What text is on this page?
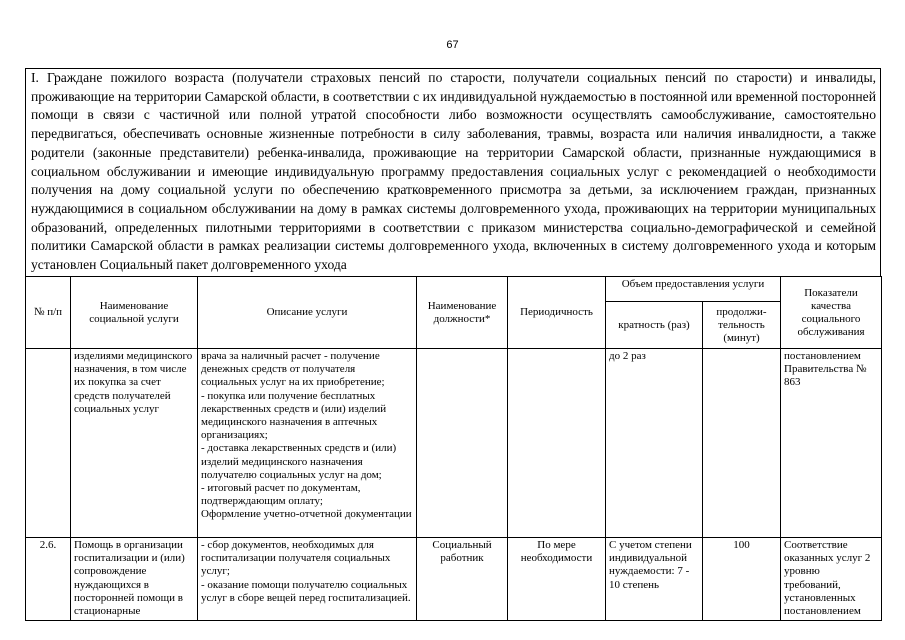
67
I. Граждане пожилого возраста (получатели страховых пенсий по старости, получатели социальных пенсий по старости) и инвалиды, проживающие на территории Самарской области, в соответствии с их индивидуальной нуждаемостью в постоянной или временной посторонней помощи в связи с частичной или полной утратой способности либо возможности осуществлять самообслуживание, самостоятельно передвигаться, обеспечивать основные жизненные потребности в силу заболевания, травмы, возраста или наличия инвалидности, а также родители (законные представители) ребенка-инвалида, проживающие на территории Самарской области, признанные нуждающимися в социальном обслуживании и имеющие индивидуальную программу предоставления социальных услуг с рекомендацией о необходимости получения на дому социальной услуги по обеспечению кратковременного присмотра за детьми, за исключением граждан, признанных нуждающимися в социальном обслуживании на дому в рамках системы долговременного ухода, проживающих на территории муниципальных образований, определенных пилотными территориями в соответствии с приказом министерства социально-демографической и семейной политики Самарской области в рамках реализации системы долговременного ухода, включенных в систему долговременного ухода и которым установлен Социальный пакет долговременного ухода
№ п/п	Наименование социальной услуги	Описание услуги	Наименование должности*	Периодичность	Объем предоставления услуги		Показатели качества социального обслуживания
					кратность (раз)	продолжи-тельность (минут)	
	изделиями медицинского назначения, в том числе их покупка за счет средств получателей социальных услуг	врача за наличный расчет - получение денежных средств от получателя социальных услуг на их приобретение;
- покупка или получение бесплатных лекарственных средств и (или) изделий медицинского назначения в аптечных организациях;
- доставка лекарственных средств и (или) изделий медицинского назначения получателю социальных услуг на дом;
- итоговый расчет по документам, подтверждающим оплату;
Оформление учетно-отчетной документации			до 2 раз		постановлением Правительства № 863
2.6.	Помощь в организации госпитализации и (или) сопровождение нуждающихся в посторонней помощи в стационарные	- сбор документов, необходимых для госпитализации получателя социальных услуг;
- оказание помощи получателю социальных услуг в сборе вещей перед госпитализацией.	Социальный работник	По мере необходимости	С учетом степени индивидуальной нуждаемости: 7 - 10 степень	100	Соответствие оказанных услуг 2 уровню требований, установленных постановлением
